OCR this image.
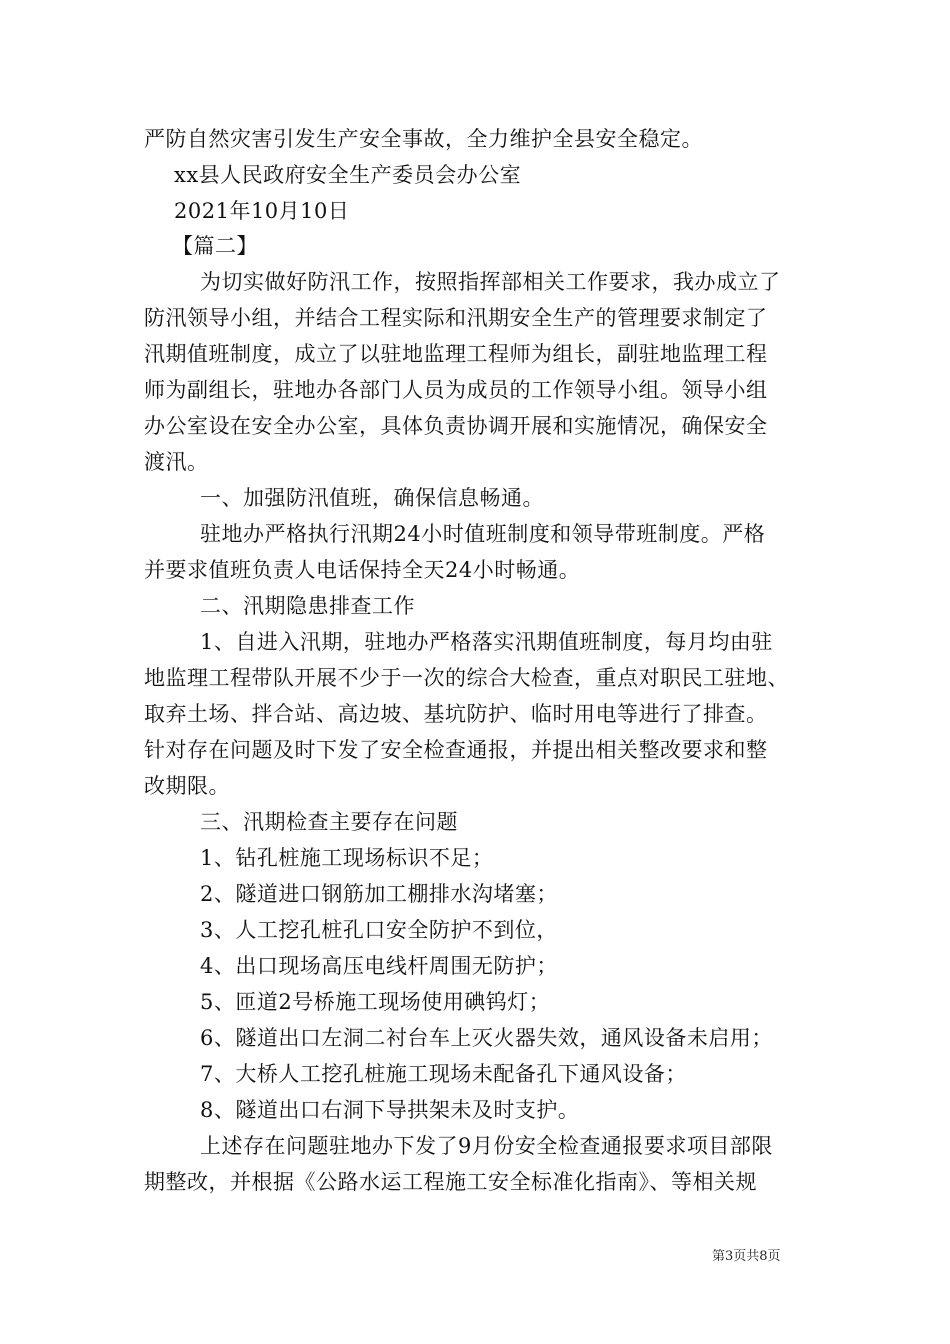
严防自然灾害引发生产安全事故，全力维护全县安全稳定。
xx县人民政府安全生产委员会办公室
2021年10月10日
【篇二】
为切实做好防汛工作，按照指挥部相关工作要求，我办成立了
防汛领导小组，并结合工程实际和汛期安全生产的管理要求制定了
汛期值班制度，成立了以驻地监理工程师为组长，副驻地监理工程
师为副组长，驻地办各部门人员为成员的工作领导小组。领导小组
办公室设在安全办公室，具体负责协调开展和实施情况，确保安全
渡汛。
一、加强防汛值班，确保信息畅通。
驻地办严格执行汛期24小时值班制度和领导带班制度。严格
并要求值班负责人电话保持全天24小时畅通。
二、汛期隐患排查工作
1、自进入汛期，驻地办严格落实汛期值班制度，每月均由驻
地监理工程带队开展不少于一次的综合大检查，重点对职民工驻地、
取弃土场、拌合站、高边坡、基坑防护、临时用电等进行了排查。
针对存在问题及时下发了安全检查通报，并提出相关整改要求和整
改期限。
三、汛期检查主要存在问题
1、钻孔桩施工现场标识不足；
2、隧道进口钢筋加工棚排水沟堵塞；
3、人工挖孔桩孔口安全防护不到位，
4、出口现场高压电线杆周围无防护；
5、匝道2号桥施工现场使用碘钨灯；
6、隧道出口左洞二衬台车上灭火器失效，通风设备未启用；
7、大桥人工挖孔桩施工现场未配备孔下通风设备；
8、隧道出口右洞下导拱架未及时支护。
上述存在问题驻地办下发了9月份安全检查通报要求项目部限
期整改，并根据《公路水运工程施工安全标准化指南》、等相关规
第3页共8页
